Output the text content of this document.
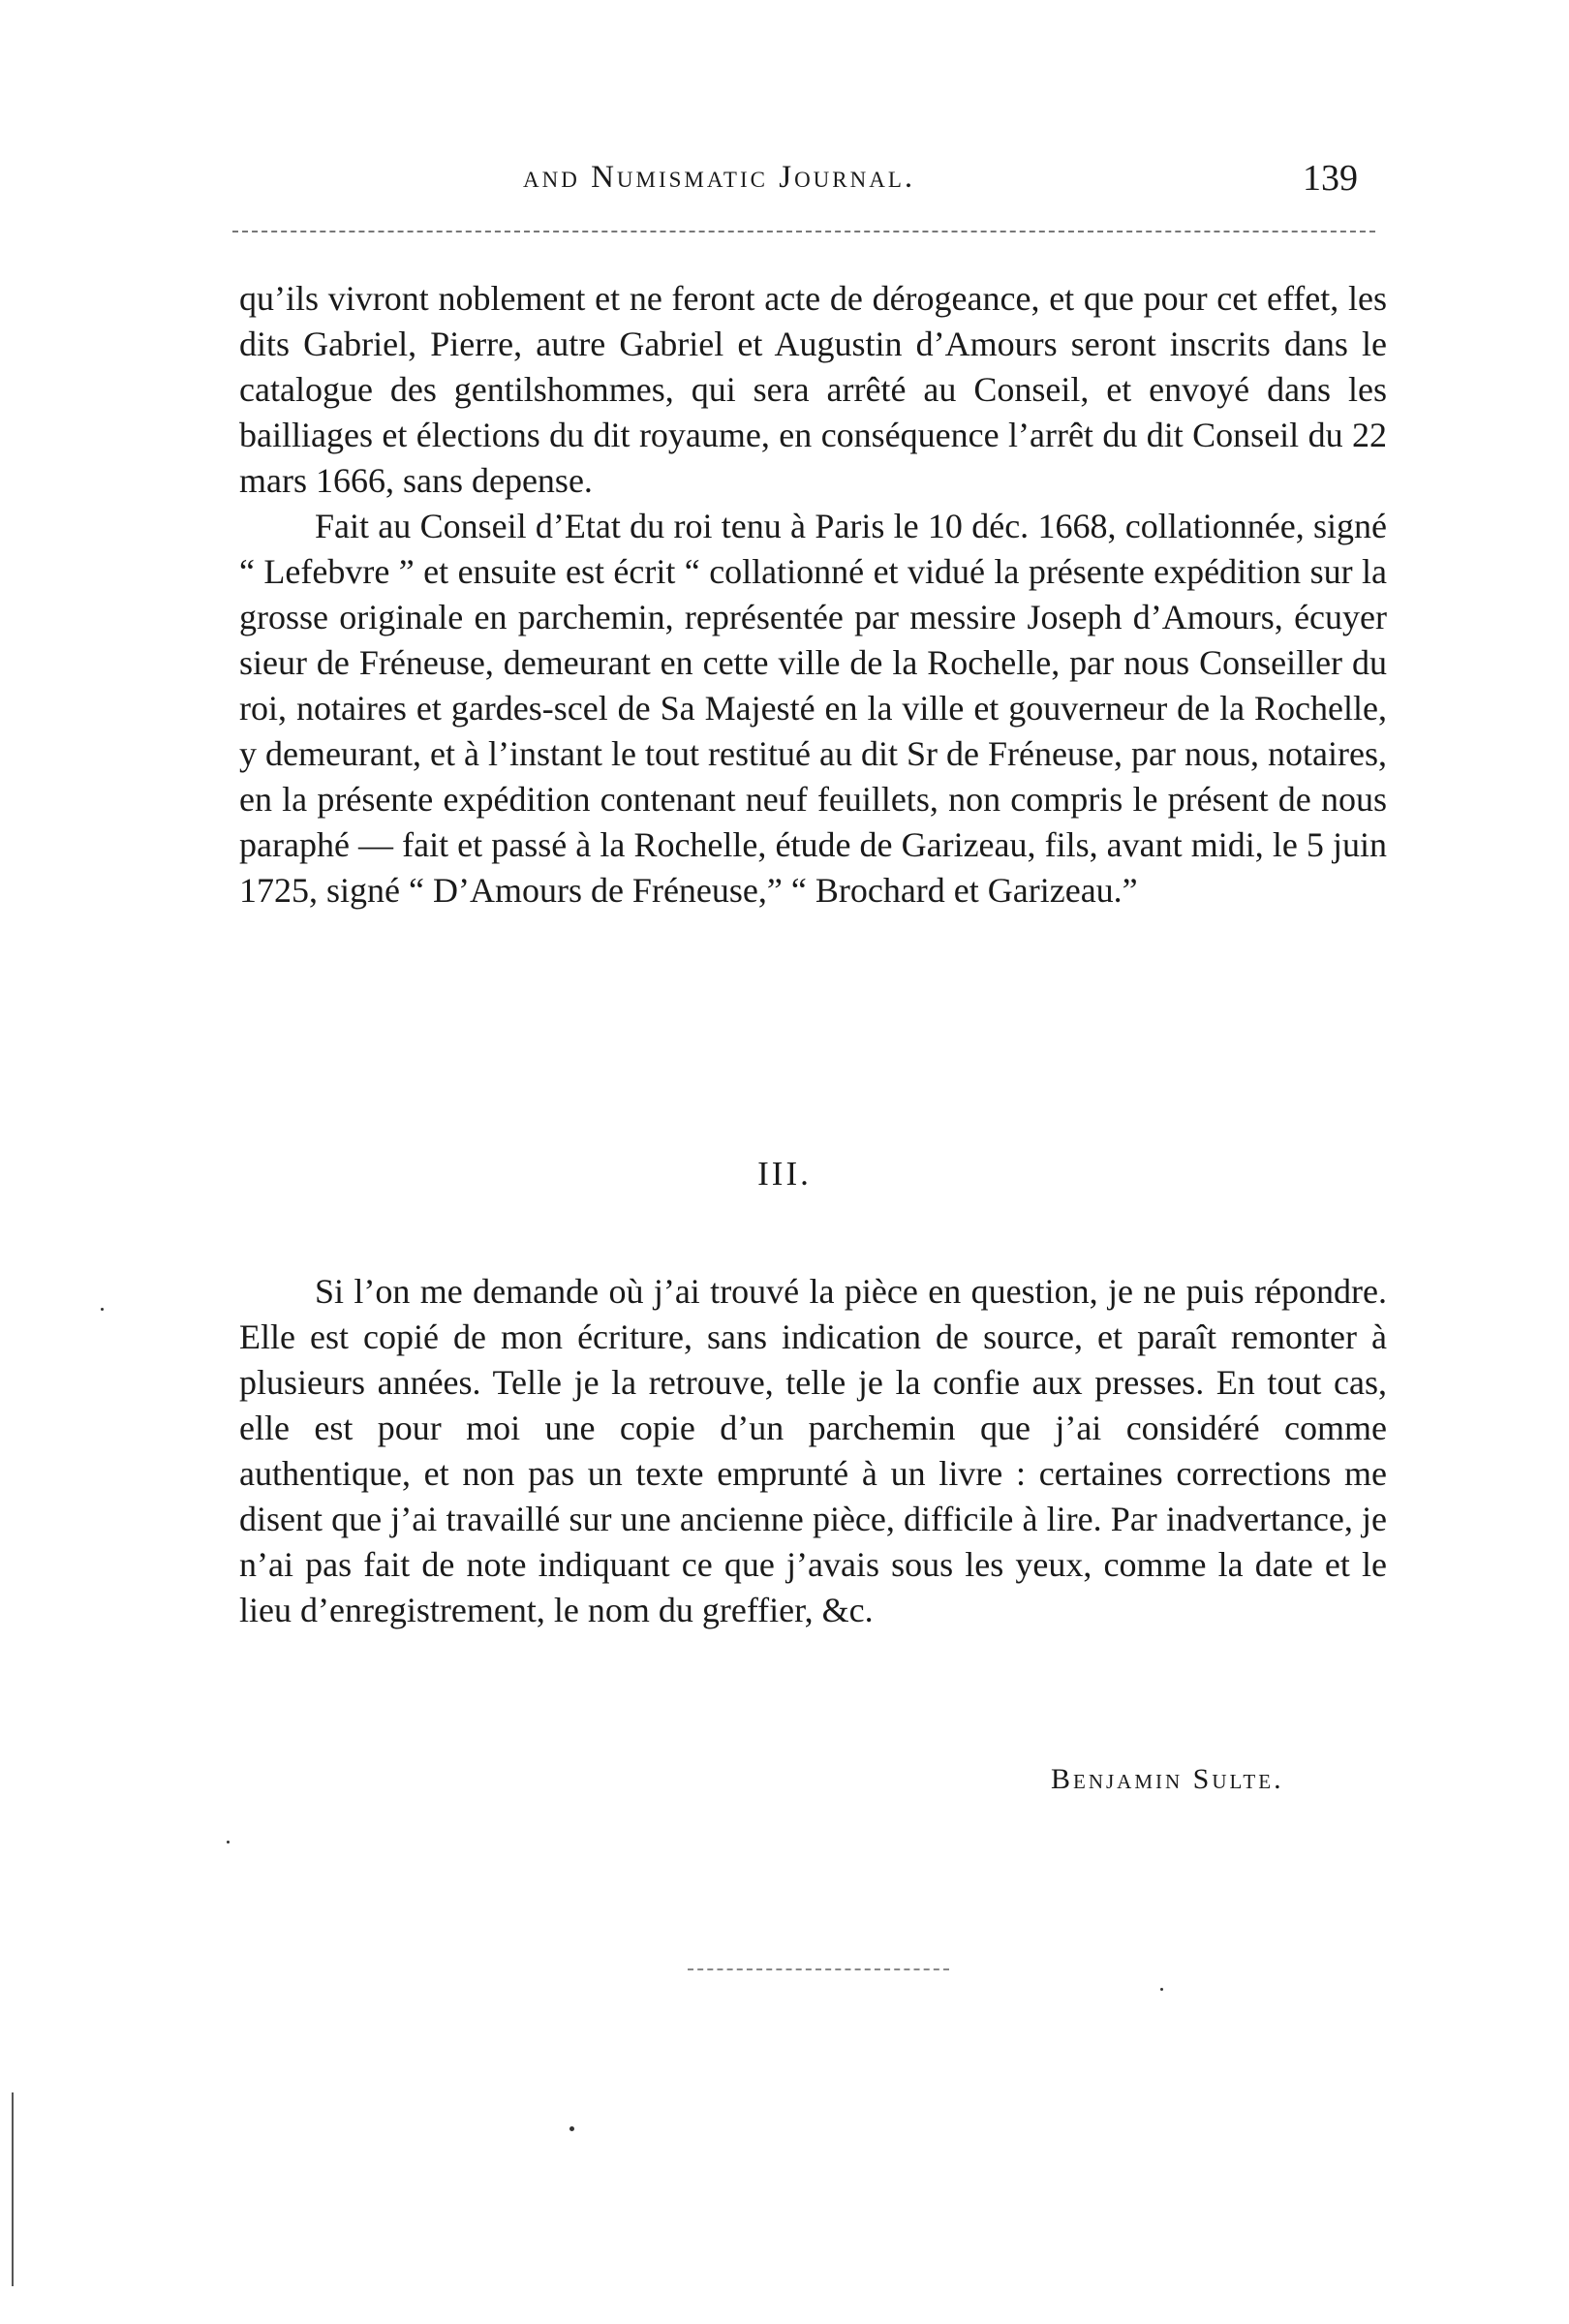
and Numismatic Journal.	139

qu’ils vivront noblement et ne feront acte de dérogeance, et que pour cet effet, les dits Gabriel, Pierre, autre Gabriel et Augustin d’Amours seront inscrits dans le catalogue des gentilshommes, qui sera arrêté au Conseil, et envoyé dans les bailliages et élections du dit royaume, en conséquence l’arrêt du dit Conseil du 22 mars 1666, sans depense.

Fait au Conseil d’Etat du roi tenu à Paris le 10 déc. 1668, collationnée, signé “ Lefebvre ” et ensuite est écrit “ collationné et vidué la présente expédition sur la grosse originale en parchemin, représentée par messire Joseph d’Amours, écuyer sieur de Fréneuse, demeurant en cette ville de la Rochelle, par nous Conseiller du roi, notaires et gardes-scel de Sa Majesté en la ville et gouverneur de la Rochelle, y demeurant, et à l’instant le tout restitué au dit Sr de Fréneuse, par nous, notaires, en la présente expédition contenant neuf feuillets, non compris le présent de nous paraphé — fait et passé à la Rochelle, étude de Garizeau, fils, avant midi, le 5 juin 1725, signé “ D’Amours de Fréneuse,” “ Brochard et Garizeau.”

III.

Si l’on me demande où j’ai trouvé la pièce en question, je ne puis répondre. Elle est copié de mon écriture, sans indication de source, et paraît remonter à plusieurs années. Telle je la retrouve, telle je la confie aux presses. En tout cas, elle est pour moi une copie d’un parchemin que j’ai considéré comme authentique, et non pas un texte emprunté à un livre : certaines corrections me disent que j’ai travaillé sur une ancienne pièce, difficile à lire. Par inadvertance, je n’ai pas fait de note indiquant ce que j’avais sous les yeux, comme la date et le lieu d’enregistrement, le nom du greffier, &c.

Benjamin Sulte.
